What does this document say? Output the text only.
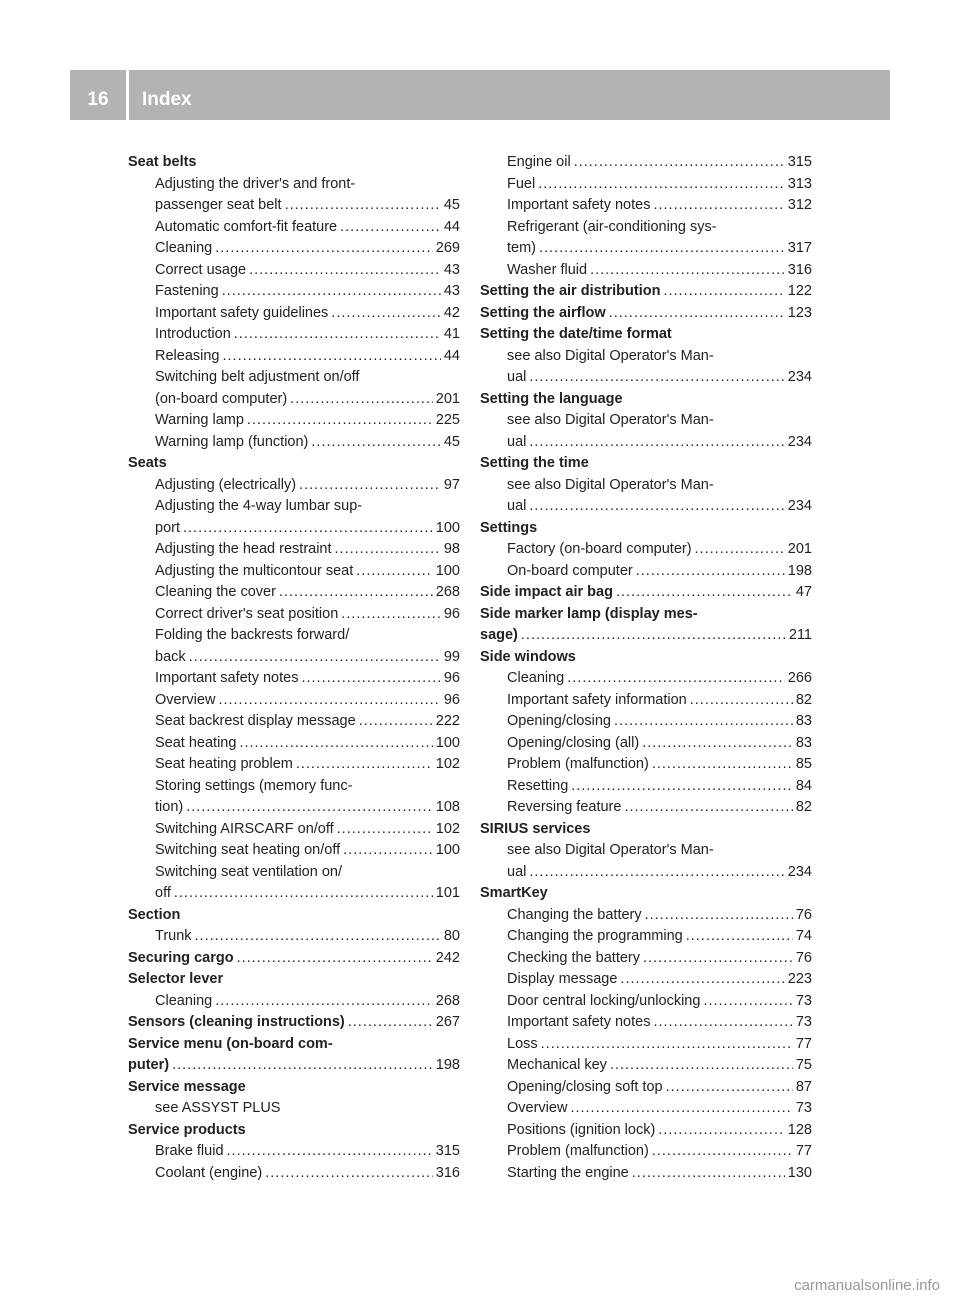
16	Index
Seat belts
Adjusting the driver's and front-
passenger seat belt .....	45
Automatic comfort-fit feature .....	44
Cleaning .....	269
Correct usage .....	43
Fastening .....	43
Important safety guidelines .....	42
Introduction .....	41
Releasing .....	44
Switching belt adjustment on/off
(on-board computer) .....	201
Warning lamp .....	225
Warning lamp (function) .....	45
Seats
Adjusting (electrically) .....	97
Adjusting the 4-way lumbar sup-
port .....	100
Adjusting the head restraint .....	98
Adjusting the multicontour seat .....	100
Cleaning the cover .....	268
Correct driver's seat position .....	96
Folding the backrests forward/
back .....	99
Important safety notes .....	96
Overview .....	96
Seat backrest display message .....	222
Seat heating .....	100
Seat heating problem .....	102
Storing settings (memory func-
tion) .....	108
Switching AIRSCARF on/off .....	102
Switching seat heating on/off .....	100
Switching seat ventilation on/
off .....	101
Section
Trunk .....	80
Securing cargo .....	242
Selector lever
Cleaning .....	268
Sensors (cleaning instructions) .....	267
Service menu (on-board com-
puter) .....	198
Service message
see ASSYST PLUS
Service products
Brake fluid .....	315
Coolant (engine) .....	316
Engine oil .....	315
Fuel .....	313
Important safety notes .....	312
Refrigerant (air-conditioning sys-
tem) .....	317
Washer fluid .....	316
Setting the air distribution .....	122
Setting the airflow .....	123
Setting the date/time format
see also Digital Operator's Man-
ual .....	234
Setting the language
see also Digital Operator's Man-
ual .....	234
Setting the time
see also Digital Operator's Man-
ual .....	234
Settings
Factory (on-board computer) .....	201
On-board computer .....	198
Side impact air bag .....	47
Side marker lamp (display mes-
sage) .....	211
Side windows
Cleaning .....	266
Important safety information .....	82
Opening/closing .....	83
Opening/closing (all) .....	83
Problem (malfunction) .....	85
Resetting .....	84
Reversing feature .....	82
SIRIUS services
see also Digital Operator's Man-
ual .....	234
SmartKey
Changing the battery .....	76
Changing the programming .....	74
Checking the battery .....	76
Display message .....	223
Door central locking/unlocking .....	73
Important safety notes .....	73
Loss .....	77
Mechanical key .....	75
Opening/closing soft top .....	87
Overview .....	73
Positions (ignition lock) .....	128
Problem (malfunction) .....	77
Starting the engine .....	130
carmanualsonline.info
